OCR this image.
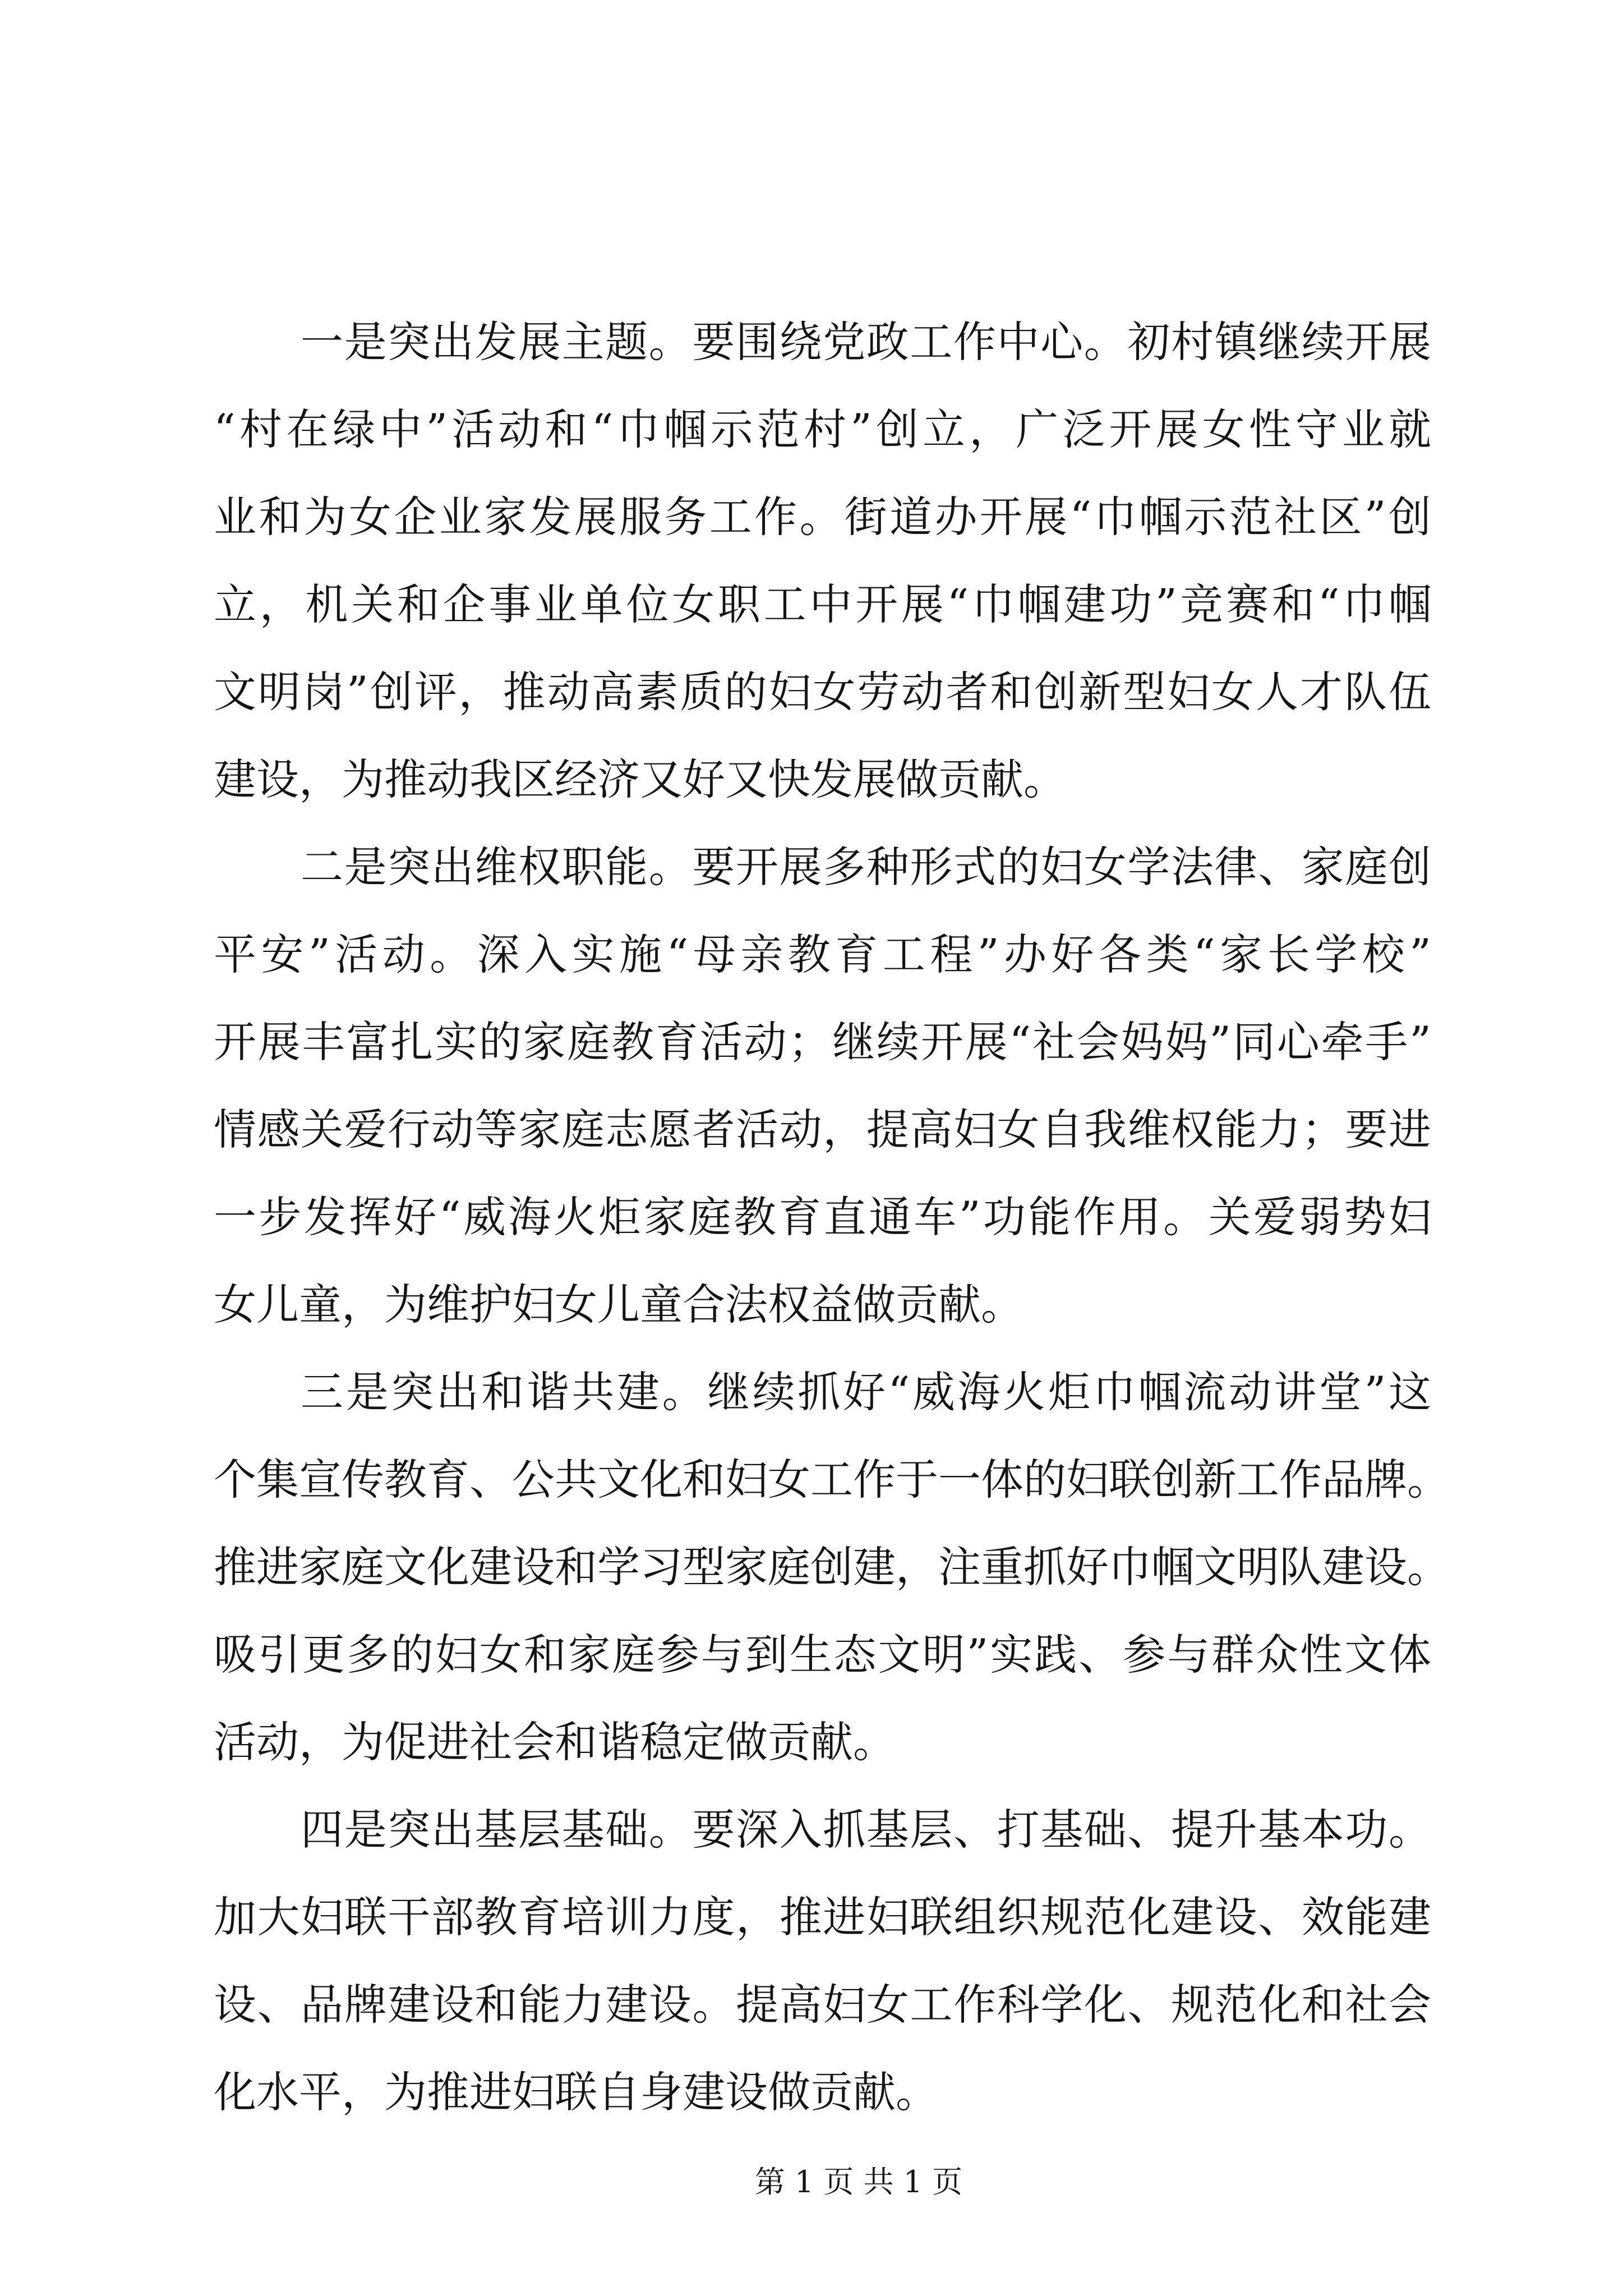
一是突出发展主题。要围绕党政工作中心。初村镇继续开展
“村在绿中”活动和“巾帼示范村”创立，广泛开展女性守业就
业和为女企业家发展服务工作。街道办开展“巾帼示范社区”创
立，机关和企事业单位女职工中开展“巾帼建功”竞赛和“巾帼
文明岗”创评，推动高素质的妇女劳动者和创新型妇女人才队伍
建设，为推动我区经济又好又快发展做贡献。
二是突出维权职能。要开展多种形式的妇女学法律、家庭创
平安”活动。深入实施“母亲教育工程”办好各类“家长学校”
开展丰富扎实的家庭教育活动；继续开展“社会妈妈”同心牵手”
情感关爱行动等家庭志愿者活动，提高妇女自我维权能力；要进
一步发挥好“威海火炬家庭教育直通车”功能作用。关爱弱势妇
女儿童，为维护妇女儿童合法权益做贡献。
三是突出和谐共建。继续抓好“威海火炬巾帼流动讲堂”这
个集宣传教育、公共文化和妇女工作于一体的妇联创新工作品牌。
推进家庭文化建设和学习型家庭创建，注重抓好巾帼文明队建设。
吸引更多的妇女和家庭参与到生态文明”实践、参与群众性文体
活动，为促进社会和谐稳定做贡献。
四是突出基层基础。要深入抓基层、打基础、提升基本功。
加大妇联干部教育培训力度，推进妇联组织规范化建设、效能建
设、品牌建设和能力建设。提高妇女工作科学化、规范化和社会
化水平，为推进妇联自身建设做贡献。
第 1 页 共 1 页
